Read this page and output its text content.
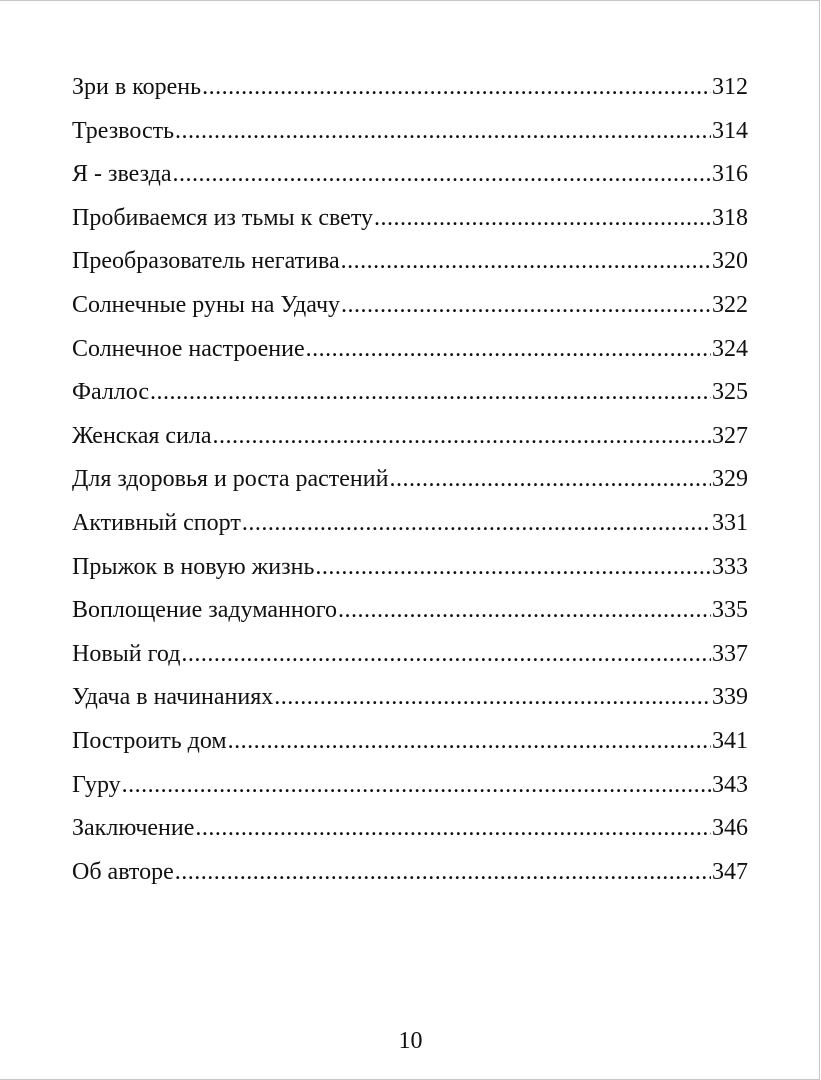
Зри в корень .....	312
Трезвость .....	314
Я - звезда .....	316
Пробиваемся из тьмы к свету .....	318
Преобразователь негатива .....	320
Солнечные руны на Удачу .....	322
Солнечное настроение .....	324
Фаллос .....	325
Женская сила .....	327
Для здоровья и роста растений .....	329
Активный спорт .....	331
Прыжок в новую жизнь .....	333
Воплощение задуманного .....	335
Новый год .....	337
Удача в начинаниях .....	339
Построить дом .....	341
Гуру .....	343
Заключение .....	346
Об авторе .....	347
10
